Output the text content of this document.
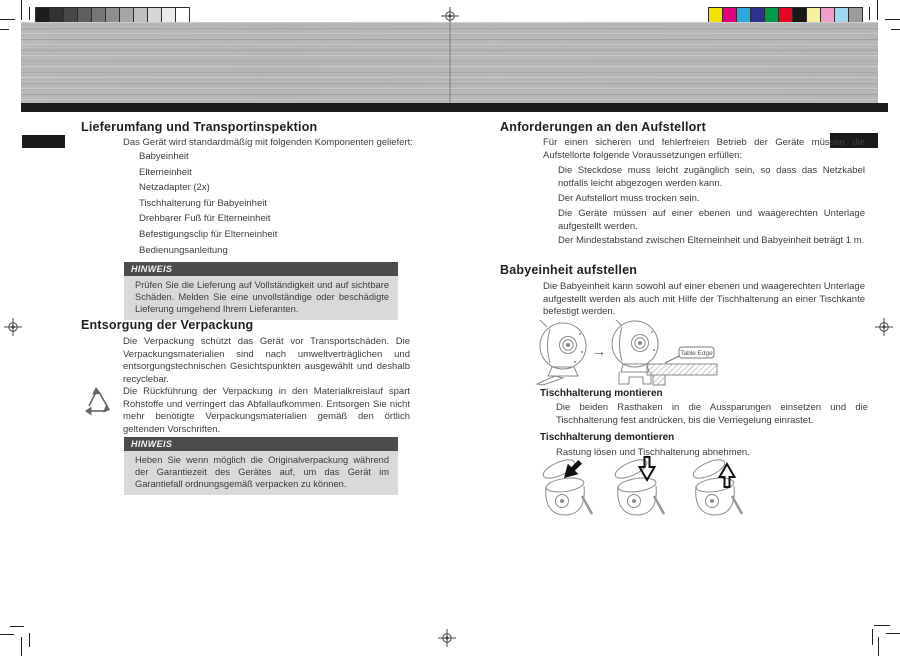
Lieferumfang und Transportinspektion
Das Gerät wird standardmäßig mit folgenden Komponenten geliefert:
Babyeinheit
Elterneinheit
Netzadapter (2x)
Tischhalterung für Babyeinheit
Drehbarer Fuß für Elterneinheit
Befestigungsclip für Elterneinheit
Bedienungsanleitung
HINWEIS
Prüfen Sie die Lieferung auf Vollständigkeit und auf sichtbare Schäden. Melden Sie eine unvollständige oder beschädigte Lieferung umgehend Ihrem Lieferanten.
Entsorgung der Verpackung
Die Verpackung schützt das Gerät vor Transportschäden. Die Verpackungsmaterialien sind nach umweltverträglichen und entsorgungstechnischen Gesichtspunkten ausgewählt und deshalb recyclebar.
Die Rückführung der Verpackung in den Materialkreislauf spart Rohstoffe und verringert das Abfallaufkommen. Entsorgen Sie nicht mehr benötigte Verpackungsmaterialien gemäß den örtlich geltenden Vorschriften.
HINWEIS
Heben Sie wenn möglich die Originalverpackung während der Garantiezeit des Gerätes auf, um das Gerät im Garantiefall ordnungsgemäß verpacken zu können.
Anforderungen an den Aufstellort
Für einen sicheren und fehlerfreien Betrieb der Geräte müssen die Aufstellorte folgende Voraussetzungen erfüllen:
Die Steckdose muss leicht zugänglich sein, so dass das Netzkabel notfalls leicht abgezogen werden kann.
Der Aufstellort muss trocken sein.
Die Geräte müssen auf einer ebenen und waagerechten Unterlage aufgestellt werden.
Der Mindestabstand zwischen Elterneinheit und Babyeinheit beträgt 1 m.
Babyeinheit aufstellen
Die Babyeinheit kann sowohl auf einer ebenen und waagerechten Unterlage aufgestellt werden als auch mit Hilfe der Tischhalterung an einer Tischkante befestigt werden.
→	Table Edge
Tischhalterung montieren
Die beiden Rasthaken in die Aussparungen einsetzen und die Tischhalterung fest andrücken, bis die Verriegelung einrastet.
Tischhalterung demontieren
Rastung lösen und Tischhalterung abnehmen.
